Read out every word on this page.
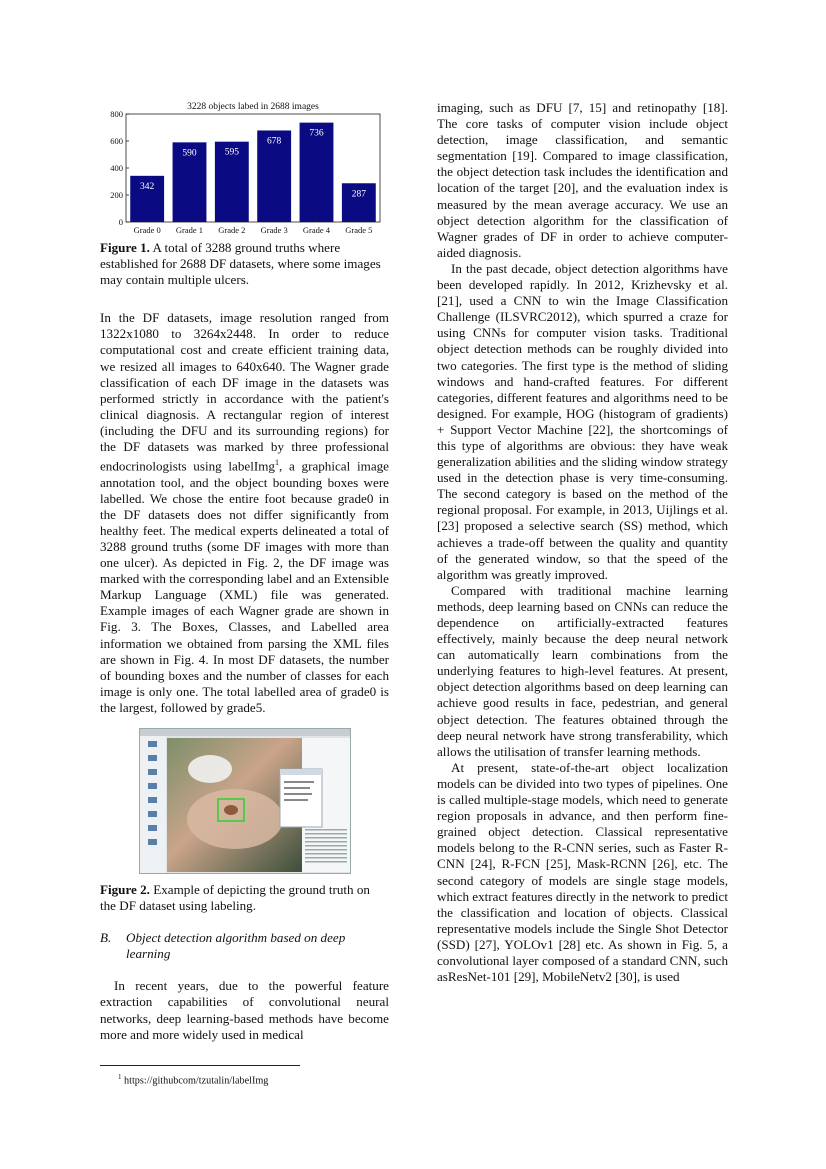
3228 objects labed in 2688 images
0
200
400
600
800
342
Grade 0
590
Grade 1
595
Grade 2
678
Grade 3
736
Grade 4
287
Grade 5

Figure 1. A total of 3288 ground truths where established for 2688 DF datasets, where some images may contain multiple ulcers.

In the DF datasets, image resolution ranged from 1322x1080 to 3264x2448. In order to reduce computational cost and create efficient training data, we resized all images to 640x640. The Wagner grade classification of each DF image in the datasets was performed strictly in accordance with the patient's clinical diagnosis. A rectangular region of interest (including the DFU and its surrounding regions) for the DF datasets was marked by three professional endocrinologists using labelImg$^1$, a graphical image annotation tool, and the object bounding boxes were labelled. We chose the entire foot because grade0 in the DF datasets does not differ significantly from healthy feet. The medical experts delineated a total of 3288 ground truths (some DF images with more than one ulcer). As depicted in Fig. 2, the DF image was marked with the corresponding label and an Extensible Markup Language (XML) file was generated. Example images of each Wagner grade are shown in Fig. 3. The Boxes, Classes, and Labelled area information we obtained from parsing the XML files are shown in Fig. 4. In most DF datasets, the number of bounding boxes and the number of classes for each image is only one. The total labelled area of grade0 is the largest, followed by grade5.

Figure 2. Example of depicting the ground truth on the DF dataset using labeling.

B.	Object detection algorithm based on deep learning

In recent years, due to the powerful feature extraction capabilities of convolutional neural networks, deep learning-based methods have become more and more widely used in medical

$^1$ https://githubcom/tzutalin/labelImg

imaging, such as DFU [7, 15] and retinopathy [18]. The core tasks of computer vision include object detection, image classification, and semantic segmentation [19]. Compared to image classification, the object detection task includes the identification and location of the target [20], and the evaluation index is measured by the mean average accuracy. We use an object detection algorithm for the classification of Wagner grades of DF in order to achieve computer-aided diagnosis.

In the past decade, object detection algorithms have been developed rapidly. In 2012, Krizhevsky et al. [21], used a CNN to win the Image Classification Challenge (ILSVRC2012), which spurred a craze for using CNNs for computer vision tasks. Traditional object detection methods can be roughly divided into two categories. The first type is the method of sliding windows and hand-crafted features. For different categories, different features and algorithms need to be designed. For example, HOG (histogram of gradients) + Support Vector Machine [22], the shortcomings of this type of algorithms are obvious: they have weak generalization abilities and the sliding window strategy used in the detection phase is very time-consuming. The second category is based on the method of the regional proposal. For example, in 2013, Uijlings et al. [23] proposed a selective search (SS) method, which achieves a trade-off between the quality and quantity of the generated window, so that the speed of the algorithm was greatly improved.

Compared with traditional machine learning methods, deep learning based on CNNs can reduce the dependence on artificially-extracted features effectively, mainly because the deep neural network can automatically learn combinations from the underlying features to high-level features. At present, object detection algorithms based on deep learning can achieve good results in face, pedestrian, and general object detection. The features obtained through the deep neural network have strong transferability, which allows the utilisation of transfer learning methods.

At present, state-of-the-art object localization models can be divided into two types of pipelines. One is called multiple-stage models, which need to generate region proposals in advance, and then perform fine-grained object detection. Classical representative models belong to the R-CNN series, such as Faster R-CNN [24], R-FCN [25], Mask-RCNN [26], etc. The second category of models are single stage models, which extract features directly in the network to predict the classification and location of objects. Classical representative models include the Single Shot Detector (SSD) [27], YOLOv1 [28] etc. As shown in Fig. 5, a convolutional layer composed of a standard CNN, such asResNet-101 [29], MobileNetv2 [30], is used
